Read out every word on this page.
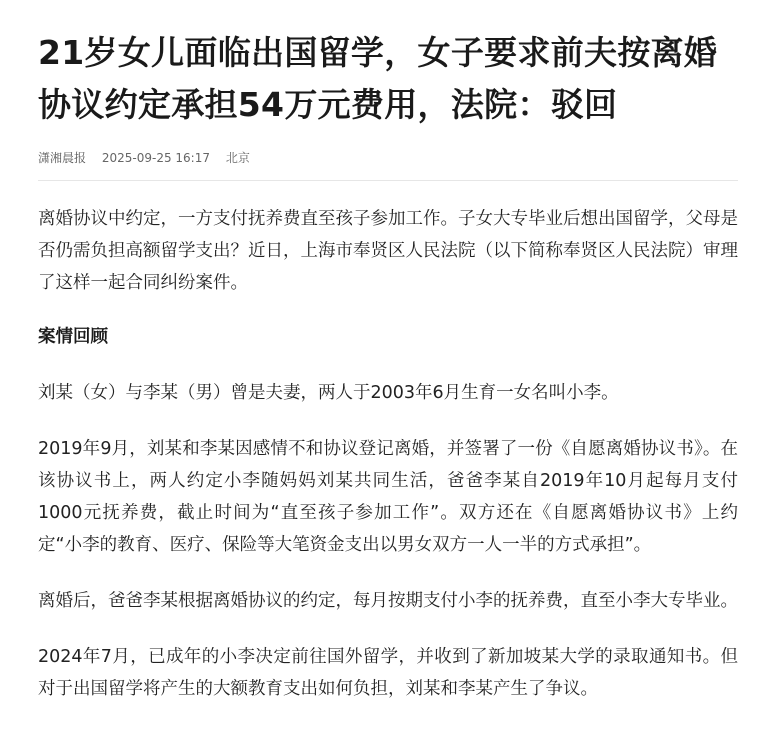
21岁女儿面临出国留学，女子要求前夫按离婚协议约定承担54万元费用，法院：驳回
潇湘晨报 2025-09-25 16:17 北京

离婚协议中约定，一方支付抚养费直至孩子参加工作。子女大专毕业后想出国留学，父母是否仍需负担高额留学支出？近日，上海市奉贤区人民法院（以下简称奉贤区人民法院）审理了这样一起合同纠纷案件。

案情回顾

刘某（女）与李某（男）曾是夫妻，两人于2003年6月生育一女名叫小李。

2019年9月，刘某和李某因感情不和协议登记离婚，并签署了一份《自愿离婚协议书》。在该协议书上，两人约定小李随妈妈刘某共同生活，爸爸李某自2019年10月起每月支付1000元抚养费，截止时间为“直至孩子参加工作”。双方还在《自愿离婚协议书》上约定“小李的教育、医疗、保险等大笔资金支出以男女双方一人一半的方式承担”。

离婚后，爸爸李某根据离婚协议的约定，每月按期支付小李的抚养费，直至小李大专毕业。

2024年7月，已成年的小李决定前往国外留学，并收到了新加坡某大学的录取通知书。但对于出国留学将产生的大额教育支出如何负担，刘某和李某产生了争议。
